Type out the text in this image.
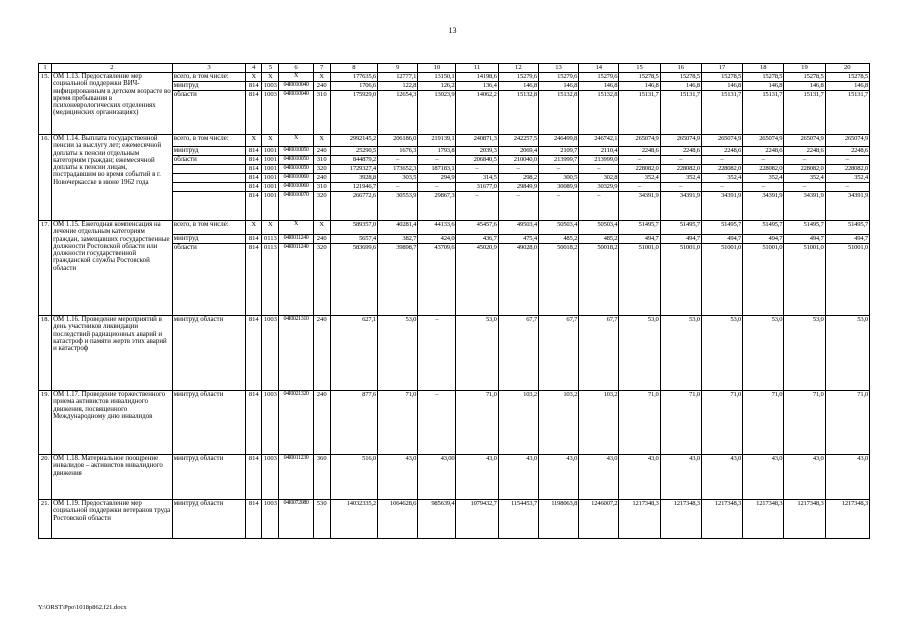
13
1	2	3	4	5	6	7	8	9	10	11	12	13	14	15	16	17	18	19	20
15.	ОМ 1.13. Предоставление мер социальной поддержки ВИЧ-инфицированным в детском возрасте во время пребывания в психоневрологических отделениях (медицинских организациях)	всего, в том числе:	X	X	X	X	177635,6	12777,1	13150,1	14198,6	15279,6	15279,6	15279,6	15278,5	15278,5	15278,5	15278,5	15278,5	15278,5
		минтруд	814	1003	04I0010040	240	1706,6	122,8	126,2	136,4	146,8	146,8	146,8	146,8	146,8	146,8	146,8	146,8	146,8
		области	814	1003	04I0010040	310	175929,0	12654,3	13023,9	14062,2	15132,8	15132,8	15132,8	15131,7	15131,7	15131,7	15131,7	15131,7	15131,7
16.	ОМ 1.14. Выплата государственной пенсии за выслугу лет; ежемесячной доплаты к пенсии отдельным категориям граждан; ежемесячной доплаты к пенсии лицам, пострадавшим во время событий в г. Новочеркасске в июне 1962 года	всего, в том числе:	X	X	X	X	2992145,2	206186,0	219139,1	240871,3	242257,5	246499,8	246742,1	265074,9	265074,9	265074,9	265074,9	265074,9	265074,9
		минтруд	814	1001	04I0010050	240	25290,5	1676,3	1793,8	2039,3	2069,4	2109,7	2110,4	2248,6	2248,6	2248,6	2248,6	2248,6	2248,6
		области	814	1001	04I0010050	310	844879,2	–	–	206840,5	210040,0	213999,7	213999,0	–	–	–	–	–	–
			814	1001	04I0010050	320	1729327,4	173652,3	187183,1	–	–	–	–	228082,0	228082,0	228082,0	228082,0	228082,0	228082,0
			814	1001	04I0010060	240	3928,8	303,5	294,9	314,5	298,2	300,5	302,8	352,4	352,4	352,4	352,4	352,4	352,4
			814	1001	04I0010060	310	121946,7	–	–	31677,0	29849,9	30089,9	30329,9	–	–	–	–	–	–
			814	1001	04I0010070	320	266772,6	30553,9	29867,3	–	–	–	–	34391,9	34391,9	34391,9	34391,9	34391,9	34391,9
17.	ОМ 1.15. Ежегодная компенсация на лечение отдельным категориям граждан, замещавших государственные должности Ростовской области или должности государственной гражданской службы Ростовской области	всего, в том числе:	X	X	X	X	589357,0	40281,4	44133,6	45457,6	49503,4	50503,4	50503,4	51495,7	51495,7	51495,7	51495,7	51495,7	51495,7
		минтруд	814	0113	04I0011240	240	5657,4	382,7	424,0	436,7	475,4	485,2	485,2	494,7	494,7	494,7	494,7	494,7	494,7
		области	814	0113	04I0011240	320	583699,6	39898,7	43709,6	45020,9	49028,0	50018,2	50018,2	51001,0	51001,0	51001,0	51001,0	51001,0	51001,0
18.	ОМ 1.16. Проведение мероприятий в день участников ликвидации последствий радиационных аварий и катастроф и памяти жертв этих аварий и катастроф	минтруд области	814	1003	04I0021310	240	627,1	53,0	–	53,0	67,7	67,7	67,7	53,0	53,0	53,0	53,0	53,0	53,0
19.	ОМ 1.17. Проведение торжественного приема активистов инвалидного движения, посвященного Международному дню инвалидов	минтруд области	814	1003	04I0021320	240	877,6	71,0	–	71,0	103,2	103,2	103,2	71,0	71,0	71,0	71,0	71,0	71,0
20.	ОМ 1.18. Материальное поощрение инвалидов – активистов инвалидного движения	минтруд области	814	1003	04I0011230	360	516,0	43,0	43,00	43,0	43,0	43,0	43,0	43,0	43,0	43,0	43,0	43,0	43,0
21.	ОМ 1.19. Предоставление мер социальной поддержки ветеранов труда Ростовской области	минтруд области	814	1003	04I0072080	530	14032335,2	1064628,6	985639,4	1079432,7	1154453,7	1198063,8	1246007,2	1217348,3	1217348,3	1217348,3	1217348,3	1217348,3	1217348,3
Y:\ORST\Ppo\1018p862.f21.docx
